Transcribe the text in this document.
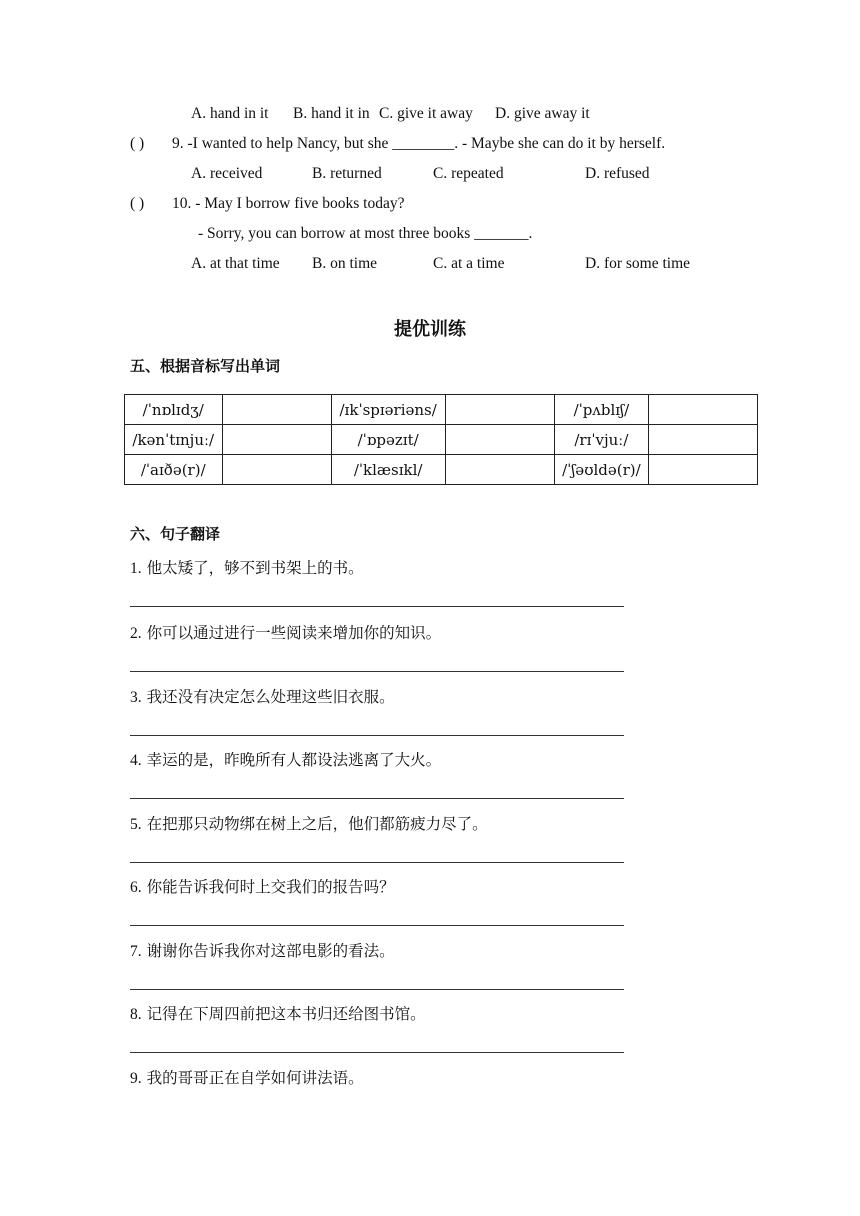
A. hand in it B. hand it in C. give it away D. give away it
( ) 9. -I wanted to help Nancy, but she ________. - Maybe she can do it by herself.
A. received	B. returned	C. repeated	D. refused
( ) 10. - May I borrow five books today?
- Sorry, you can borrow at most three books _______.
A. at that time B. on time	C. at a time	D. for some time
提优训练
五、根据音标写出单词
/ˈnɒlɪdʒ/		/ɪkˈspɪəriəns/		/ˈpʌblɪʃ/	
/kənˈtɪnjuː/		/ˈɒpəzɪt/		/rɪˈvjuː/	
/ˈaɪðə(r)/		/ˈklæsɪkl/		/ˈʃəʊldə(r)/	
六、句子翻译
1. 他太矮了，够不到书架上的书。
2. 你可以通过进行一些阅读来增加你的知识。
3. 我还没有决定怎么处理这些旧衣服。
4. 幸运的是，昨晚所有人都设法逃离了大火。
5. 在把那只动物绑在树上之后，他们都筋疲力尽了。
6. 你能告诉我何时上交我们的报告吗？
7. 谢谢你告诉我你对这部电影的看法。
8. 记得在下周四前把这本书归还给图书馆。
9. 我的哥哥正在自学如何讲法语。
